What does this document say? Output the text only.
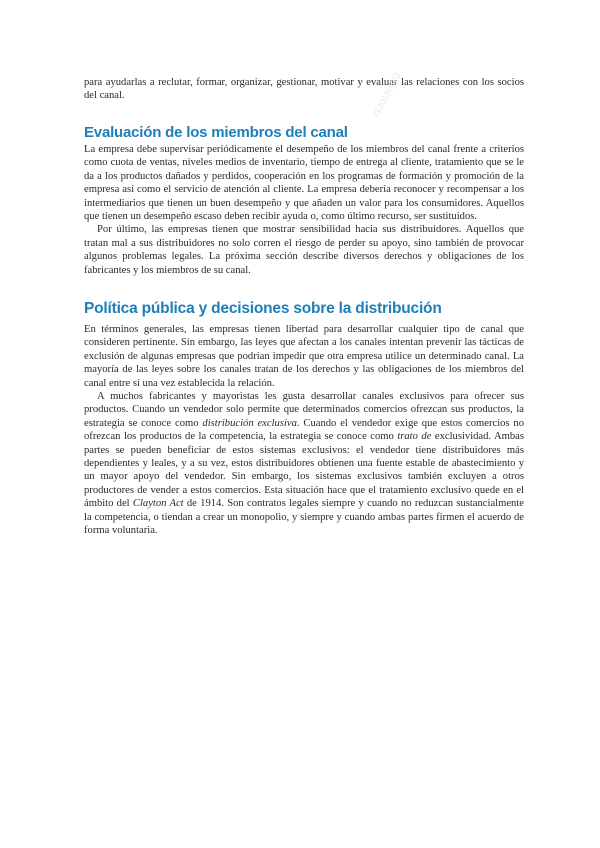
para ayudarlas a reclutar, formar, organizar, gestionar, motivar y evaluar las relaciones con los socios del canal.

Evaluación de los miembros del canal

La empresa debe supervisar periódicamente el desempeño de los miembros del canal frente a criterios como cuota de ventas, niveles medios de inventario, tiempo de entrega al cliente, tratamiento que se le da a los productos dañados y perdidos, cooperación en los programas de formación y promoción de la empresa así como el servicio de atención al cliente. La empresa debería reconocer y recompensar a los intermediarios que tienen un buen desempeño y que añaden un valor para los consumidores. Aquellos que tienen un desempeño escaso deben recibir ayuda o, como último recurso, ser sustituidos.

Por último, las empresas tienen que mostrar sensibilidad hacia sus distribuidores. Aquellos que tratan mal a sus distribuidores no solo corren el riesgo de perder su apoyo, sino también de provocar algunos problemas legales. La próxima sección describe diversos derechos y obligaciones de los fabricantes y los miembros de su canal.

Política pública y decisiones sobre la distribución

En términos generales, las empresas tienen libertad para desarrollar cualquier tipo de canal que consideren pertinente. Sin embargo, las leyes que afectan a los canales intentan prevenir las tácticas de exclusión de algunas empresas que podrían impedir que otra empresa utilice un determinado canal. La mayoría de las leyes sobre los canales tratan de los derechos y las obligaciones de los miembros del canal entre sí una vez establecida la relación.

A muchos fabricantes y mayoristas les gusta desarrollar canales exclusivos para ofrecer sus productos. Cuando un vendedor solo permite que determinados comercios ofrezcan sus productos, la estrategia se conoce como distribución exclusiva. Cuando el vendedor exige que estos comercios no ofrezcan los productos de la competencia, la estrategia se conoce como trato de exclusividad. Ambas partes se pueden beneficiar de estos sistemas exclusivos: el vendedor tiene distribuidores más dependientes y leales, y a su vez, estos distribuidores obtienen una fuente estable de abastecimiento y un mayor apoyo del vendedor. Sin embargo, los sistemas exclusivos también excluyen a otros productores de vender a estos comercios. Esta situación hace que el tratamiento exclusivo quede en el ámbito del Clayton Act de 1914. Son contratos legales siempre y cuando no reduzcan sustancialmente la competencia, o tiendan a crear un monopolio, y siempre y cuando ambas partes firmen el acuerdo de forma voluntaria.

4120180823
